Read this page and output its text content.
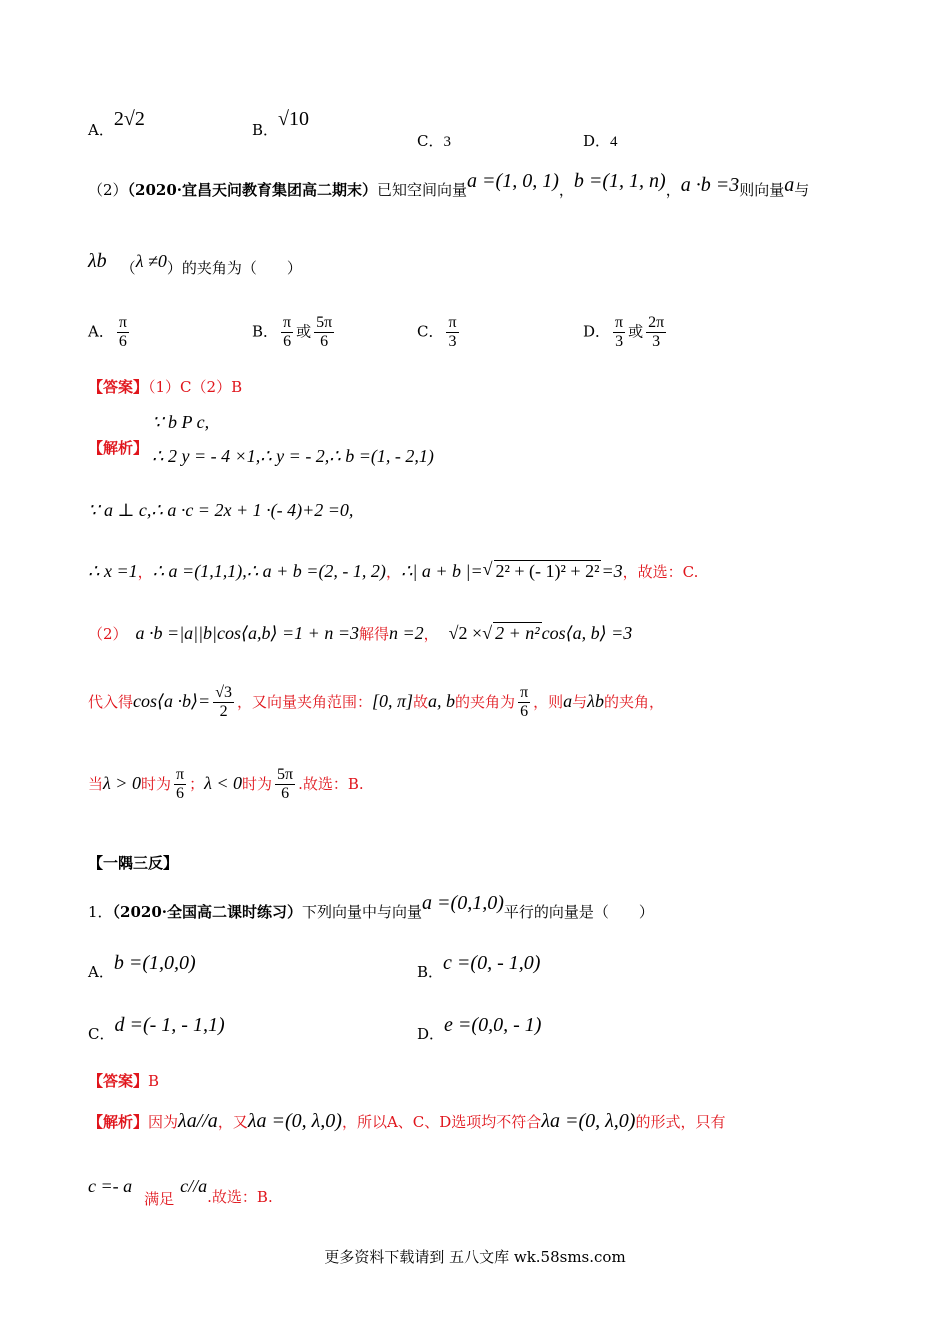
A．2√2	B．√10
C．3	D．4
（2）（2020·宜昌天问教育集团高二期末）已知空间向量a =(1, 0, 1)，b =(1, 1, n)，a ·b =3则向量a与
λb （λ ≠0）的夹角为（　　）
A． $\frac{\pi}{6}$	B． $\frac{\pi}{6}$ 或 $\frac{5\pi}{6}$	C． $\frac{\pi}{3}$	D． $\frac{\pi}{3}$ 或 $\frac{2\pi}{3}$
【答案】（1）C（2）B
【解析】
∵ b P c,
∴ 2 y = - 4 ×1,∴ y = - 2,∴ b =(1, - 2,1)
∵ a ⊥ c,∴ a ·c = 2x + 1 ·(- 4)+2 =0,
∴ x =1，∴ a =(1,1,1),∴ a + b =(2, - 1, 2)，∴| a + b |=√ 2² + (- 1)² + 2² =3，故选：C.
（2） a ·b =|a||b|cos⟨a,b⟩ =1 + n =3解得n =2， √2 ×√ 2 + n² cos⟨a, b⟩ =3
代入得cos⟨a ·b⟩= $\frac{√3}{2}$ ，又向量夹角范围：[0, π]故a, b的夹角为 $\frac{\pi}{6}$ ，则a与λb的夹角，
当λ > 0时为 $\frac{\pi}{6}$ ；λ < 0时为 $\frac{5\pi}{6}$ .故选：B.
【一隅三反】
1．（2020·全国高二课时练习）下列向量中与向量a =(0,1,0)平行的向量是（　　）
A．b =(1,0,0)	B．c =(0, - 1,0)
C．d =(- 1, - 1,1)	D．e =(0,0, - 1)
【答案】B
【解析】因为λa//a，又λa =(0, λ,0)，所以A、C、D选项均不符合λa =(0, λ,0)的形式，只有
c =- a满足c//a.故选：B.
更多资料下载请到 五八文库 wk.58sms.com
